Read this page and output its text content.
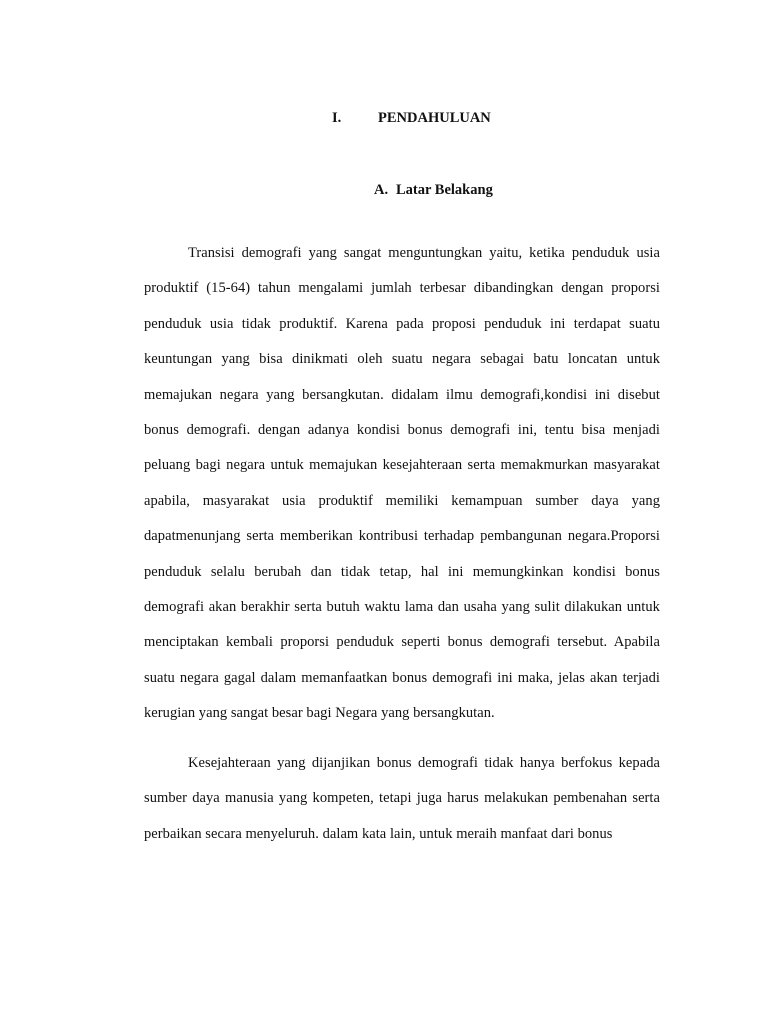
I.	PENDAHULUAN
A. Latar Belakang

Transisi demografi yang sangat menguntungkan yaitu, ketika penduduk usia produktif (15-64) tahun mengalami jumlah terbesar dibandingkan dengan proporsi penduduk usia tidak produktif. Karena pada proposi penduduk ini terdapat suatu keuntungan yang bisa dinikmati oleh suatu negara sebagai batu loncatan untuk memajukan negara yang bersangkutan. didalam ilmu demografi,kondisi ini disebut bonus demografi. dengan adanya kondisi bonus demografi ini, tentu bisa menjadi peluang bagi negara untuk memajukan kesejahteraan serta memakmurkan masyarakat apabila, masyarakat usia produktif memiliki kemampuan sumber daya yang dapatmenunjang serta memberikan kontribusi terhadap pembangunan negara.Proporsi penduduk selalu berubah dan tidak tetap, hal ini memungkinkan kondisi bonus demografi akan berakhir serta butuh waktu lama dan usaha yang sulit dilakukan untuk menciptakan kembali proporsi penduduk seperti bonus demografi tersebut. Apabila suatu negara gagal dalam memanfaatkan bonus demografi ini maka, jelas akan terjadi kerugian yang sangat besar bagi Negara yang bersangkutan.

Kesejahteraan yang dijanjikan bonus demografi tidak hanya berfokus kepada sumber daya manusia yang kompeten, tetapi juga harus melakukan pembenahan serta perbaikan secara menyeluruh. dalam kata lain, untuk meraih manfaat dari bonus
